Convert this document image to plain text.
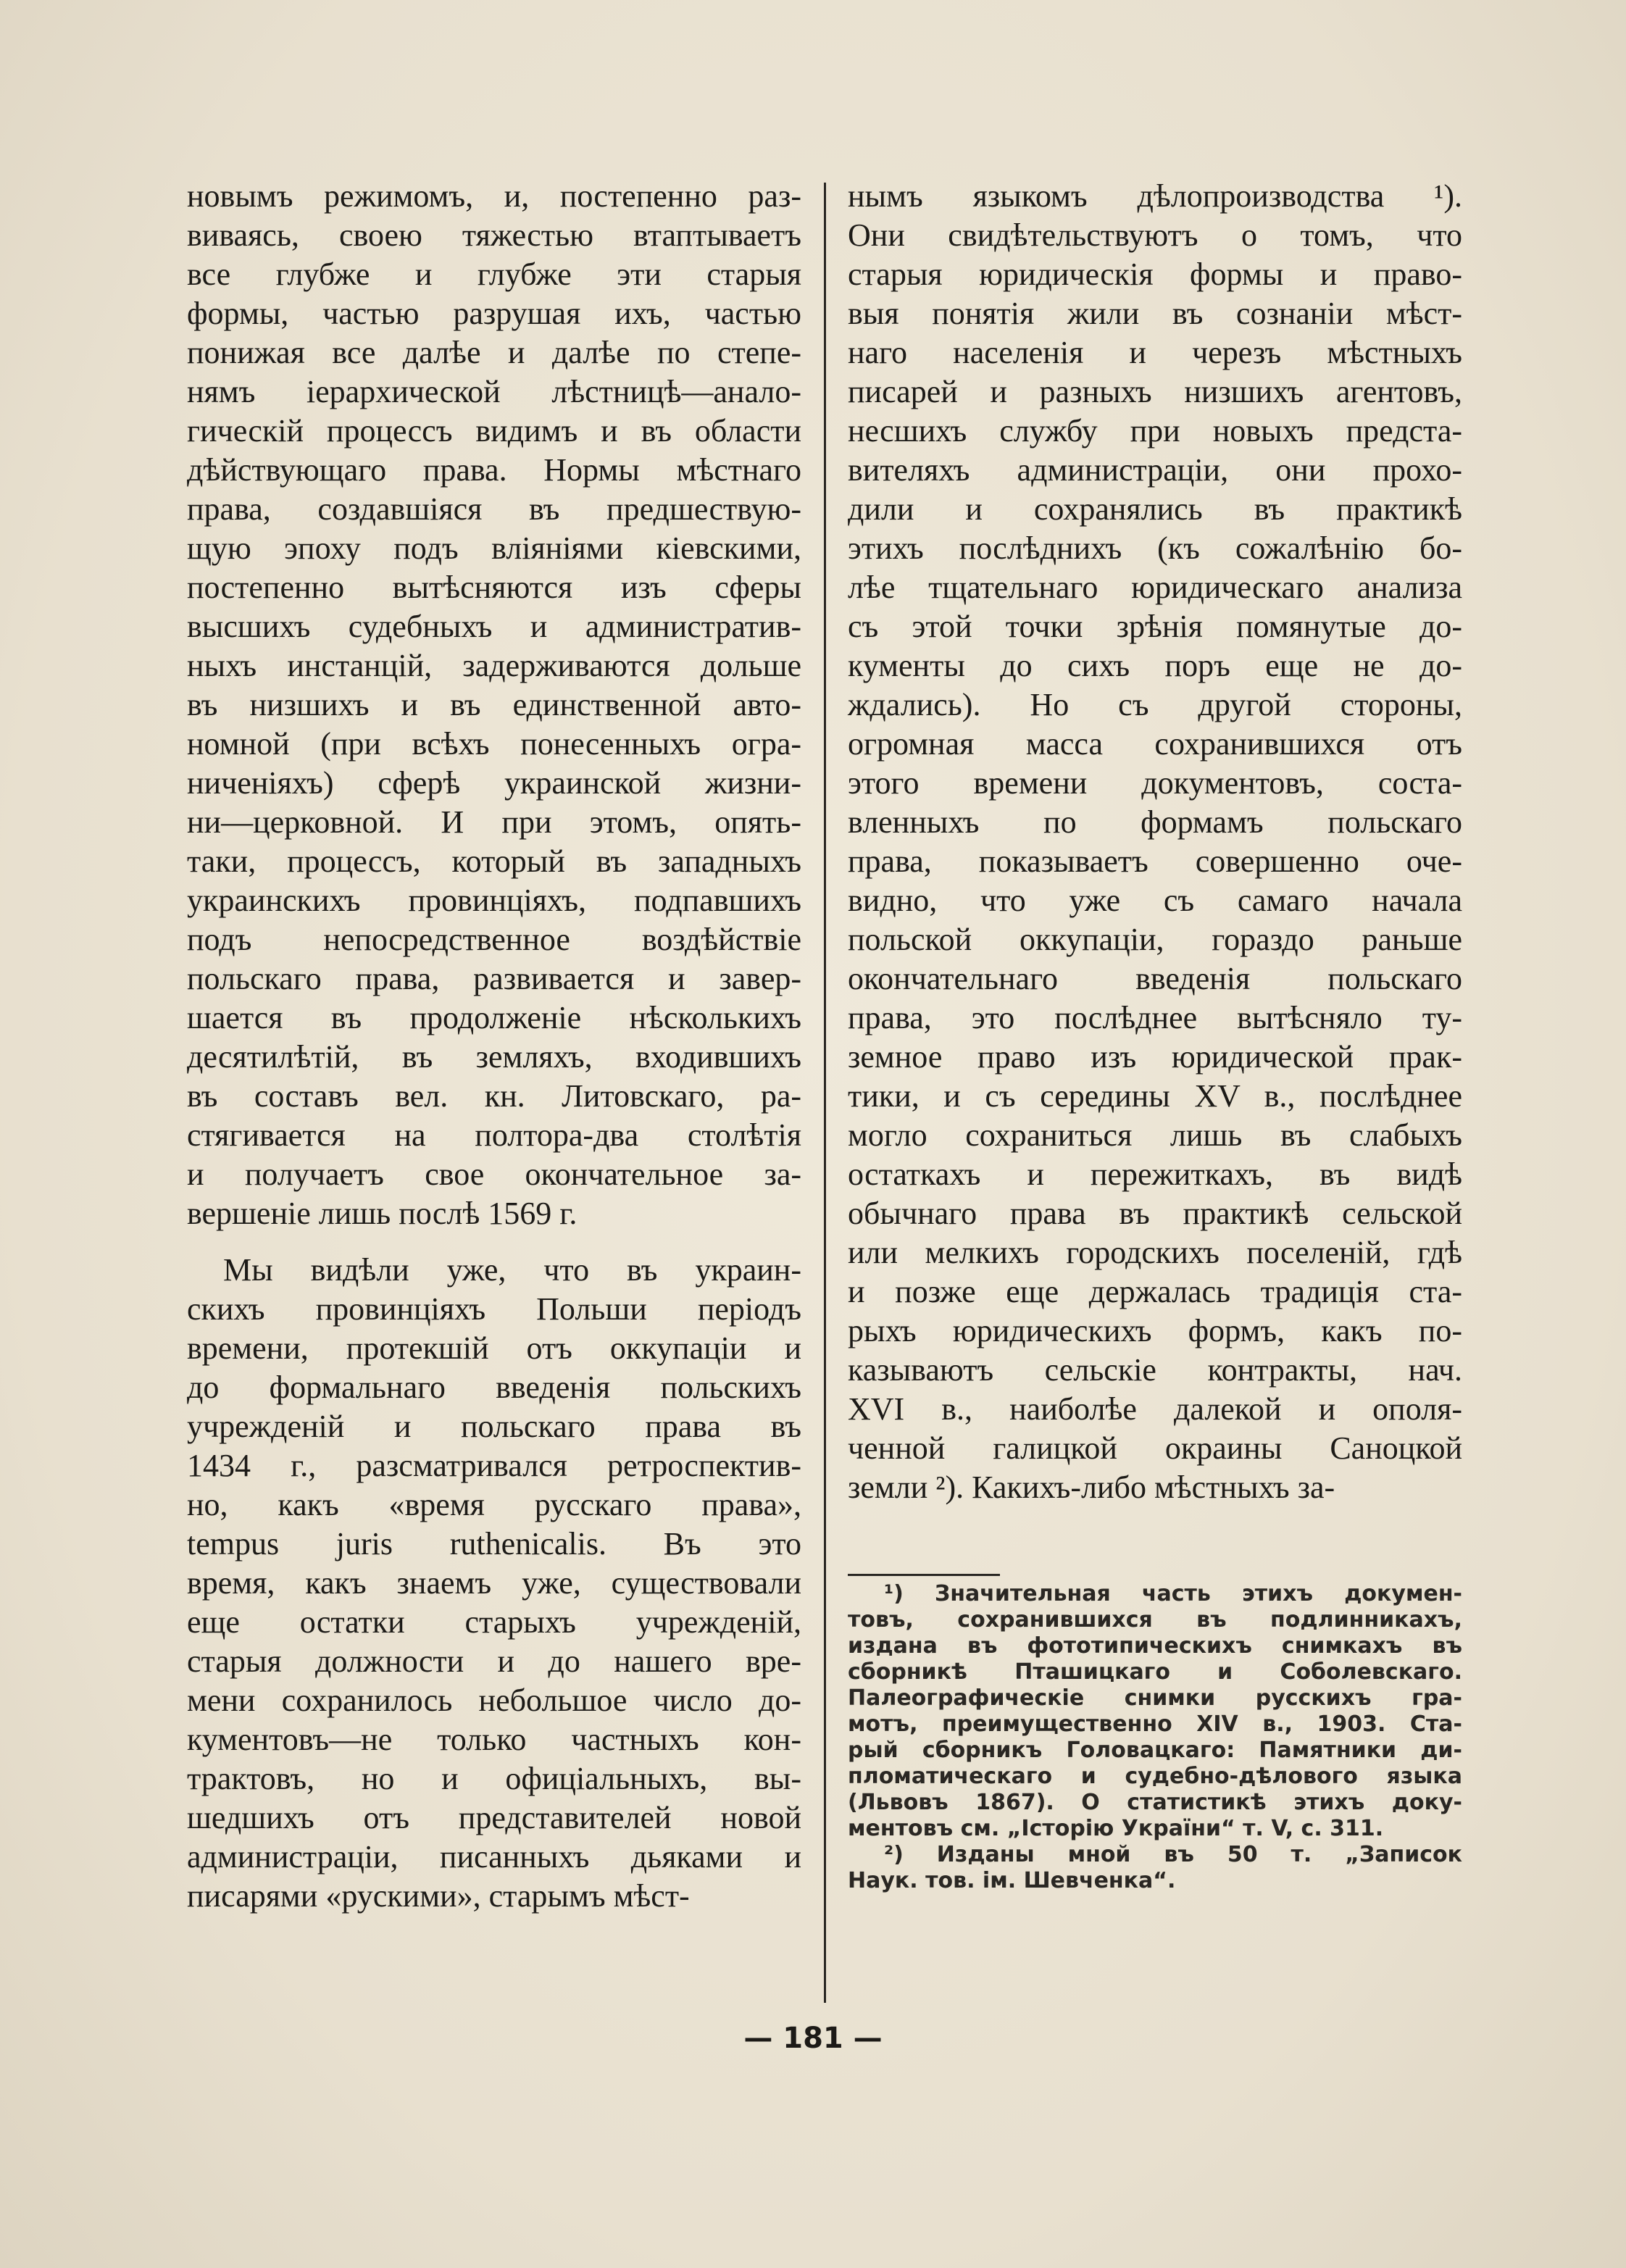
новымъ режимомъ, и, постепенно раз-

виваясь, своею тяжестью втаптываетъ

все глубже и глубже эти старыя

формы, частью разрушая ихъ, частью

понижая все далѣе и далѣе по степе-

нямъ іерархической лѣстницѣ—анало-

гическій процессъ видимъ и въ области

дѣйствующаго права. Нормы мѣстнаго

права, создавшіяся въ предшествую-

щую эпоху подъ вліяніями кіевскими,

постепенно вытѣсняются изъ сферы

высшихъ судебныхъ и административ-

ныхъ инстанцій, задерживаются дольше

въ низшихъ и въ единственной авто-

номной (при всѣхъ понесенныхъ огра-

ниченіяхъ) сферѣ украинской жизни-

ни—церковной. И при этомъ, опять-

таки, процессъ, который въ западныхъ

украинскихъ провинціяхъ, подпавшихъ

подъ непосредственное воздѣйствіе

польскаго права, развивается и завер-

шается въ продолженіе нѣсколькихъ

десятилѣтій, въ земляхъ, входившихъ

въ составъ вел. кн. Литовскаго, ра-

стягивается на полтора-два столѣтія

и получаетъ свое окончательное за-

вершеніе лишь послѣ 1569 г.

Мы видѣли уже, что въ украин-

скихъ провинціяхъ Польши періодъ

времени, протекшій отъ оккупаціи и

до формальнаго введенія польскихъ

учрежденій и польскаго права въ

1434 г., разсматривался ретроспектив-

но, какъ «время русскаго права»,

tempus juris ruthenicalis. Въ это

время, какъ знаемъ уже, существовали

еще остатки старыхъ учрежденій,

старыя должности и до нашего вре-

мени сохранилось небольшое число до-

кументовъ—не только частныхъ кон-

трактовъ, но и офиціальныхъ, вы-

шедшихъ отъ представителей новой

администраціи, писанныхъ дьяками и

писарями «рускими», старымъ мѣст-

нымъ языкомъ дѣлопроизводства ¹).

Они свидѣтельствуютъ о томъ, что

старыя юридическія формы и право-

выя понятія жили въ сознаніи мѣст-

наго населенія и черезъ мѣстныхъ

писарей и разныхъ низшихъ агентовъ,

несшихъ службу при новыхъ предста-

вителяхъ администраціи, они прохо-

дили и сохранялись въ практикѣ

этихъ послѣднихъ (къ сожалѣнію бо-

лѣе тщательнаго юридическаго анализа

съ этой точки зрѣнія помянутые до-

кументы до сихъ поръ еще не до-

ждались). Но съ другой стороны,

огромная масса сохранившихся отъ

этого времени документовъ, соста-

вленныхъ по формамъ польскаго

права, показываетъ совершенно оче-

видно, что уже съ самаго начала

польской оккупаціи, гораздо раньше

окончательнаго введенія польскаго

права, это послѣднее вытѣсняло ту-

земное право изъ юридической прак-

тики, и съ середины XV в., послѣднее

могло сохраниться лишь въ слабыхъ

остаткахъ и пережиткахъ, въ видѣ

обычнаго права въ практикѣ сельской

или мелкихъ городскихъ поселеній, гдѣ

и позже еще держалась традиція ста-

рыхъ юридическихъ формъ, какъ по-

казываютъ сельскіе контракты, нач.

XVI в., наиболѣе далекой и ополя-

ченной галицкой окраины Саноцкой

земли ²). Какихъ-либо мѣстныхъ за-

¹) Значительная часть этихъ докумен-

товъ, сохранившихся въ подлинникахъ,

издана въ фототипическихъ снимкахъ въ

сборникѣ Пташицкаго и Соболевскаго.

Палеографическіе снимки русскихъ гра-

мотъ, преимущественно XIV в., 1903. Ста-

рый сборникъ Головацкаго: Памятники ди-

пломатическаго и судебно-дѣлового языка

(Львовъ 1867). О статистикѣ этихъ доку-

ментовъ см. „Історію України“ т. V, с. 311.

²) Изданы мной въ 50 т. „Записок

Наук. тов. ім. Шевченка“.

— 181 —
